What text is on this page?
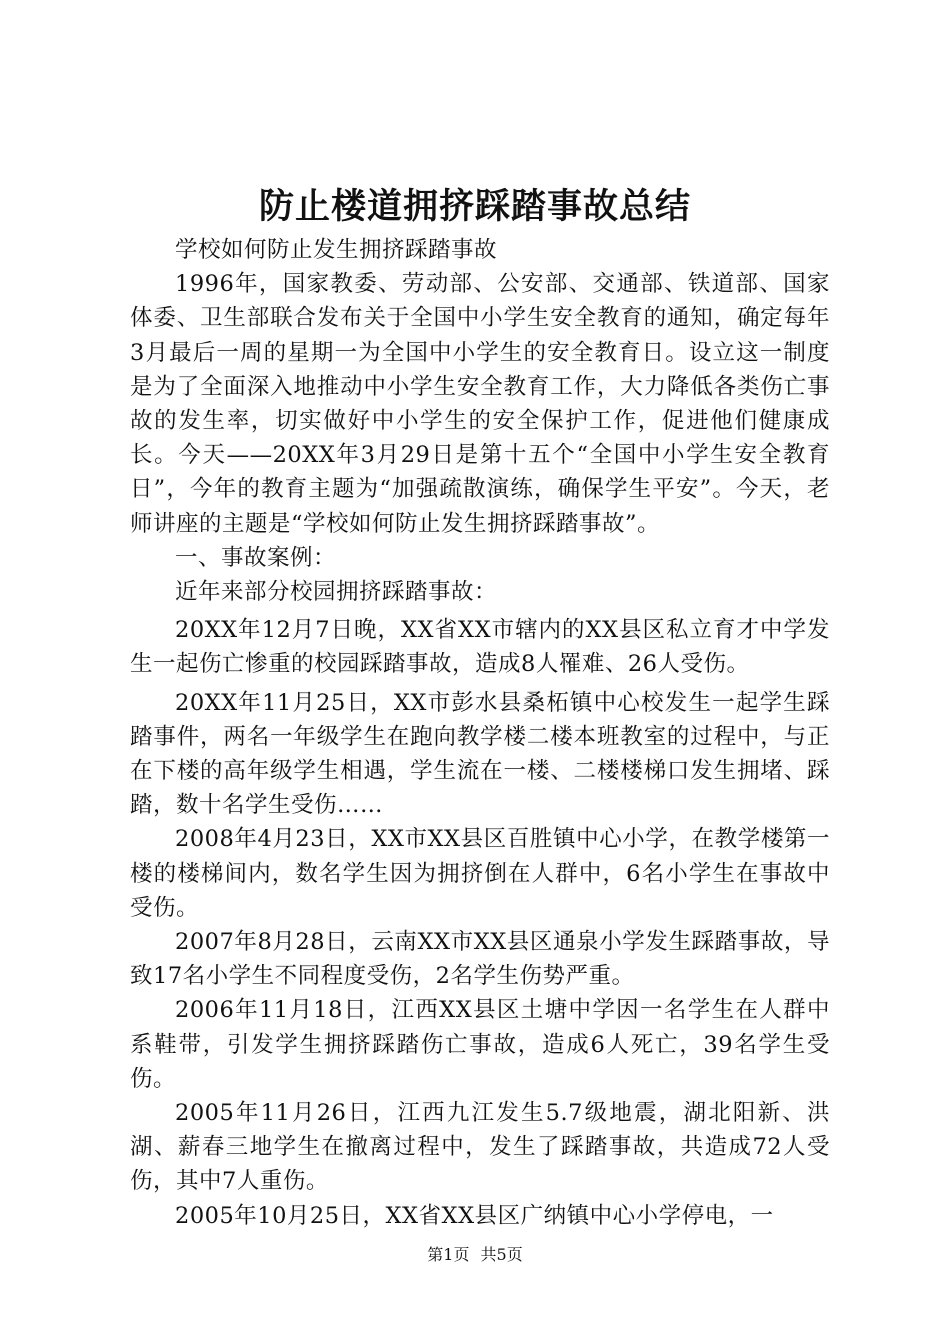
防止楼道拥挤踩踏事故总结

学校如何防止发生拥挤踩踏事故

1996年，国家教委、劳动部、公安部、交通部、铁道部、国家体委、卫生部联合发布关于全国中小学生安全教育的通知，确定每年3月最后一周的星期一为全国中小学生的安全教育日。设立这一制度是为了全面深入地推动中小学生安全教育工作，大力降低各类伤亡事故的发生率，切实做好中小学生的安全保护工作，促进他们健康成长。今天——20XX年3月29日是第十五个“全国中小学生安全教育日”，今年的教育主题为“加强疏散演练，确保学生平安”。今天，老师讲座的主题是“学校如何防止发生拥挤踩踏事故”。

一、事故案例：

近年来部分校园拥挤踩踏事故：

20XX年12月7日晚，XX省XX市辖内的XX县区私立育才中学发生一起伤亡惨重的校园踩踏事故，造成8人罹难、26人受伤。

20XX年11月25日，XX市彭水县桑柘镇中心校发生一起学生踩踏事件，两名一年级学生在跑向教学楼二楼本班教室的过程中，与正在下楼的高年级学生相遇，学生流在一楼、二楼楼梯口发生拥堵、踩踏，数十名学生受伤……

2008年4月23日，XX市XX县区百胜镇中心小学，在教学楼第一楼的楼梯间内，数名学生因为拥挤倒在人群中，6名小学生在事故中受伤。

2007年8月28日，云南XX市XX县区通泉小学发生踩踏事故，导致17名小学生不同程度受伤，2名学生伤势严重。

2006年11月18日，江西XX县区土塘中学因一名学生在人群中系鞋带，引发学生拥挤踩踏伤亡事故，造成6人死亡，39名学生受伤。

2005年11月26日，江西九江发生5.7级地震，湖北阳新、洪湖、薪春三地学生在撤离过程中，发生了踩踏事故，共造成72人受伤，其中7人重伤。

2005年10月25日，XX省XX县区广纳镇中心小学停电，一

第1页 共5页
